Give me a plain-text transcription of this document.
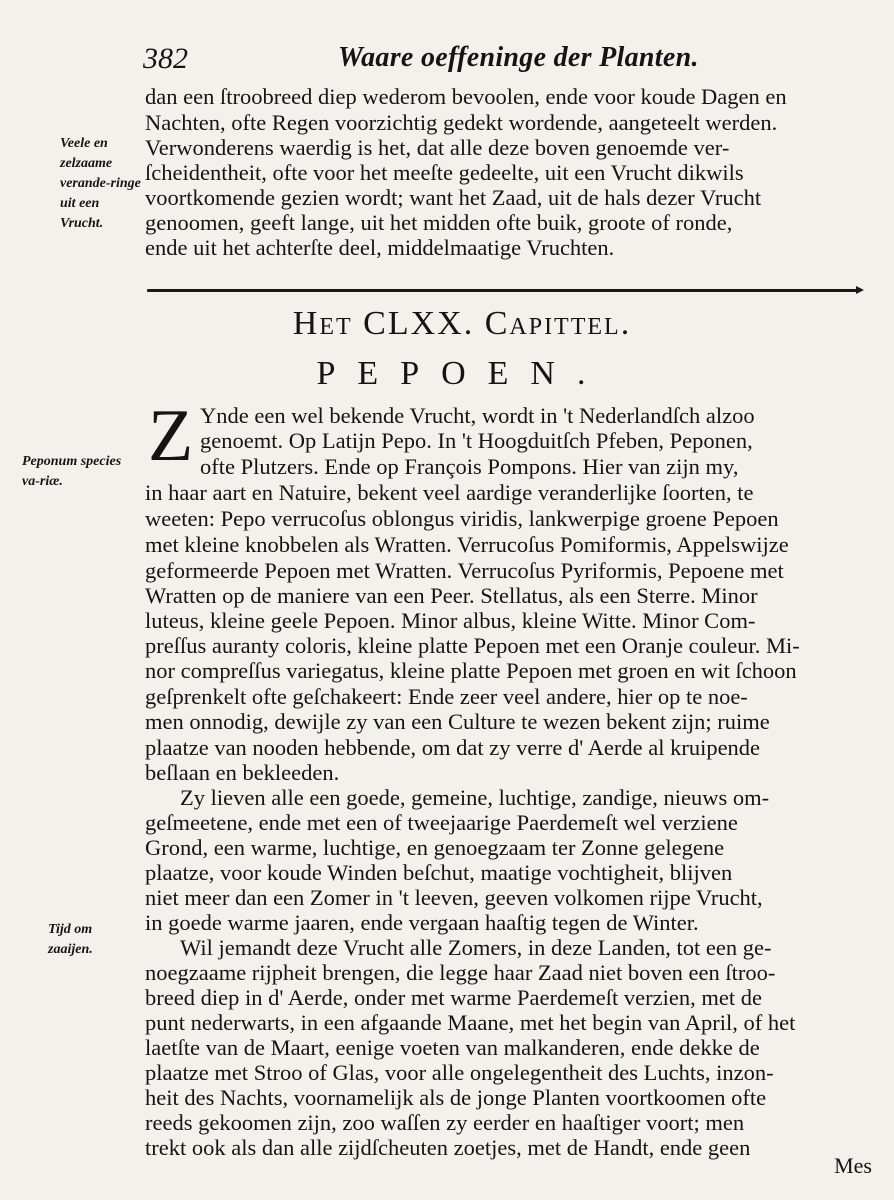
382	Waare oeffeninge der Planten.
Veele en zelzaame verande-ringe uit een Vrucht.
Peponum species va-riæ.
Tijd om zaaijen.
dan een ſtroobreed diep wederom bevoolen, ende voor koude Dagen en
Nachten, ofte Regen voorzichtig gedekt wordende, aangeteelt werden.
Verwonderens waerdig is het, dat alle deze boven genoemde ver-
ſcheidentheit, ofte voor het meeſte gedeelte, uit een Vrucht dikwils
voortkomende gezien wordt; want het Zaad, uit de hals dezer Vrucht
genoomen, geeft lange, uit het midden ofte buik, groote of ronde,
ende uit het achterſte deel, middelmaatige Vruchten.
Het CLXX. Capittel.
PEPOEN.
Z Ynde een wel bekende Vrucht, wordt in 't Nederlandſch alzoo
genoemt. Op Latijn Pepo. In 't Hoogduitſch Pfeben, Peponen,
ofte Plutzers. Ende op François Pompons. Hier van zijn my,
in haar aart en Natuire, bekent veel aardige veranderlijke ſoorten, te
weeten: Pepo verrucoſus oblongus viridis, lankwerpige groene Pepoen
met kleine knobbelen als Wratten. Verrucoſus Pomiformis, Appelswijze
geformeerde Pepoen met Wratten. Verrucoſus Pyriformis, Pepoene met
Wratten op de maniere van een Peer. Stellatus, als een Sterre. Minor
luteus, kleine geele Pepoen. Minor albus, kleine Witte. Minor Com-
preſſus auranty coloris, kleine platte Pepoen met een Oranje couleur. Mi-
nor compreſſus variegatus, kleine platte Pepoen met groen en wit ſchoon
geſprenkelt ofte geſchakeert: Ende zeer veel andere, hier op te noe-
men onnodig, dewijle zy van een Culture te wezen bekent zijn; ruime
plaatze van nooden hebbende, om dat zy verre d' Aerde al kruipende
beſlaan en bekleeden.
Zy lieven alle een goede, gemeine, luchtige, zandige, nieuws om-
geſmeetene, ende met een of tweejaarige Paerdemeſt wel verziene
Grond, een warme, luchtige, en genoegzaam ter Zonne gelegene
plaatze, voor koude Winden beſchut, maatige vochtigheit, blijven
niet meer dan een Zomer in 't leeven, geeven volkomen rijpe Vrucht,
in goede warme jaaren, ende vergaan haaſtig tegen de Winter.
Wil jemandt deze Vrucht alle Zomers, in deze Landen, tot een ge-
noegzaame rijpheit brengen, die legge haar Zaad niet boven een ſtroo-
breed diep in d' Aerde, onder met warme Paerdemeſt verzien, met de
punt nederwarts, in een afgaande Maane, met het begin van April, of het
laetſte van de Maart, eenige voeten van malkanderen, ende dekke de
plaatze met Stroo of Glas, voor alle ongelegentheit des Luchts, inzon-
heit des Nachts, voornamelijk als de jonge Planten voortkoomen ofte
reeds gekoomen zijn, zoo waſſen zy eerder en haaſtiger voort; men
trekt ook als dan alle zijdſcheuten zoetjes, met de Handt, ende geen
Mes
